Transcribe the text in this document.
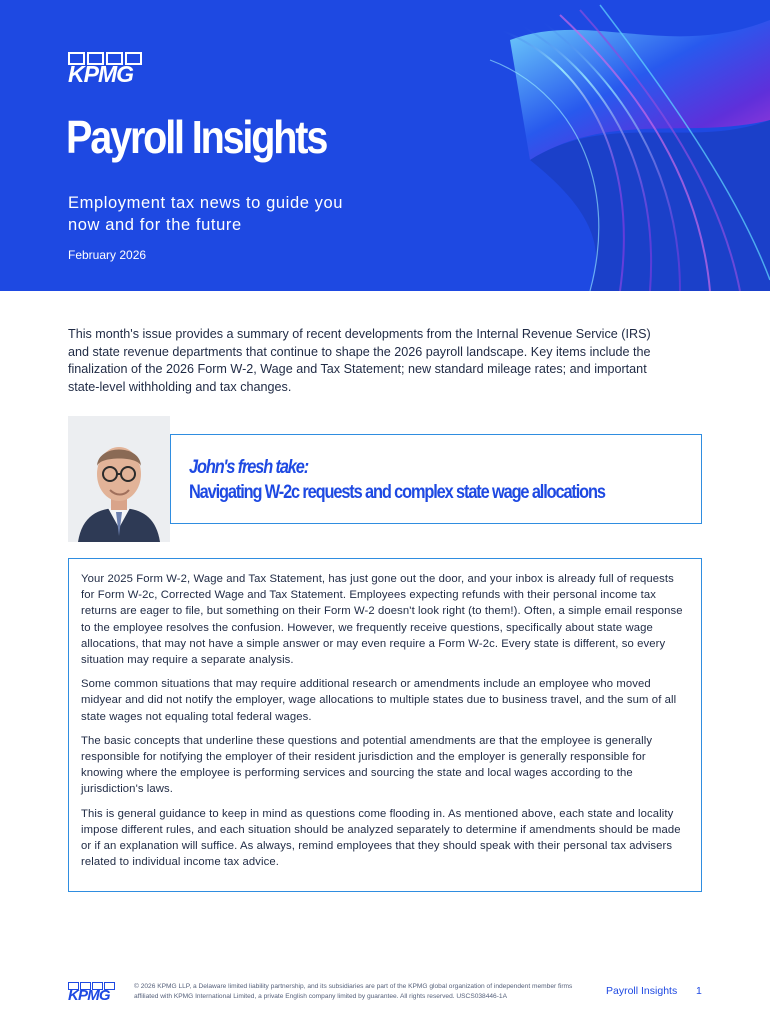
KPMG
Payroll Insights

Employment tax news to guide you
now and for the future

February 2026

This month's issue provides a summary of recent developments from the Internal Revenue Service (IRS) and state revenue departments that continue to shape the 2026 payroll landscape. Key items include the finalization of the 2026 Form W-2, Wage and Tax Statement; new standard mileage rates; and important state-level withholding and tax changes.

John's fresh take:

Navigating W-2c requests and complex state wage allocations

Your 2025 Form W-2, Wage and Tax Statement, has just gone out the door, and your inbox is already full of requests for Form W-2c, Corrected Wage and Tax Statement. Employees expecting refunds with their personal income tax returns are eager to file, but something on their Form W-2 doesn't look right (to them!). Often, a simple email response to the employee resolves the confusion. However, we frequently receive questions, specifically about state wage allocations, that may not have a simple answer or may even require a Form W-2c. Every state is different, so every situation may require a separate analysis.

Some common situations that may require additional research or amendments include an employee who moved midyear and did not notify the employer, wage allocations to multiple states due to business travel, and the sum of all state wages not equaling total federal wages.

The basic concepts that underline these questions and potential amendments are that the employee is generally responsible for notifying the employer of their resident jurisdiction and the employer is generally responsible for knowing where the employee is performing services and sourcing the state and local wages according to the jurisdiction's laws.

This is general guidance to keep in mind as questions come flooding in. As mentioned above, each state and locality impose different rules, and each situation should be analyzed separately to determine if amendments should be made or if an explanation will suffice. As always, remind employees that they should speak with their personal tax advisers related to individual income tax advice.

KPMG

© 2026 KPMG LLP, a Delaware limited liability partnership, and its subsidiaries are part of the KPMG global organization of independent member firms affiliated with KPMG International Limited, a private English company limited by guarantee. All rights reserved. USCS038446-1A	Payroll Insights 1
